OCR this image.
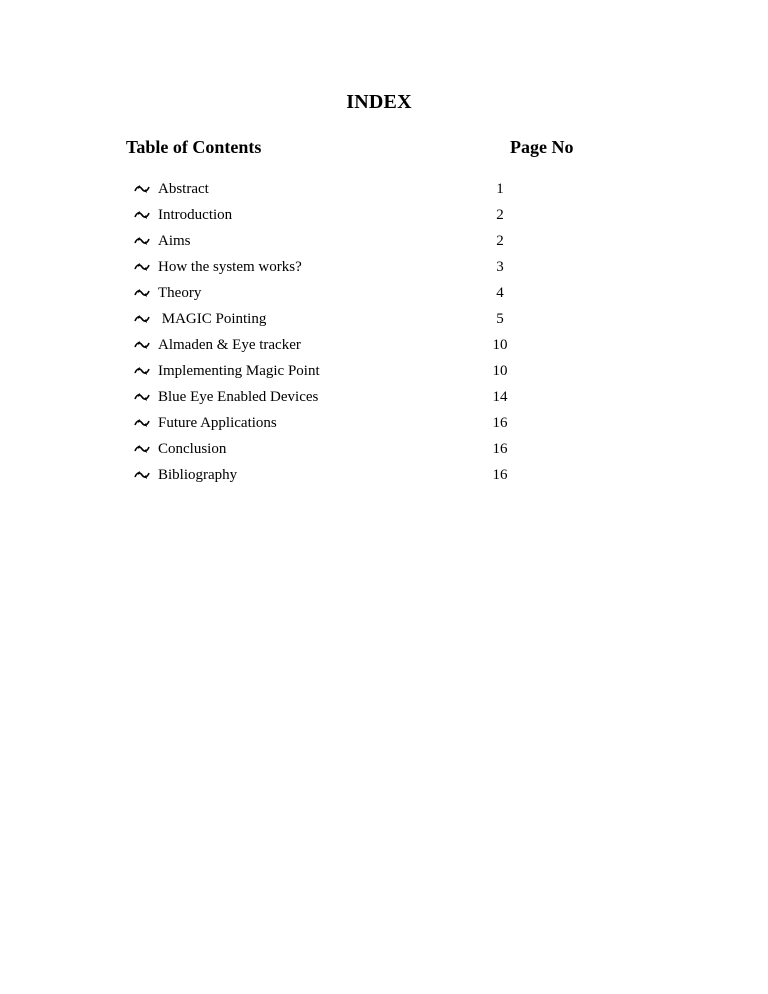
INDEX
Table of Contents	Page No
Abstract	1
Introduction	2
Aims	2
How the system works?	3
Theory	4
MAGIC Pointing	5
Almaden & Eye tracker	10
Implementing Magic Point	10
Blue Eye Enabled Devices	14
Future Applications	16
Conclusion	16
Bibliography	16
